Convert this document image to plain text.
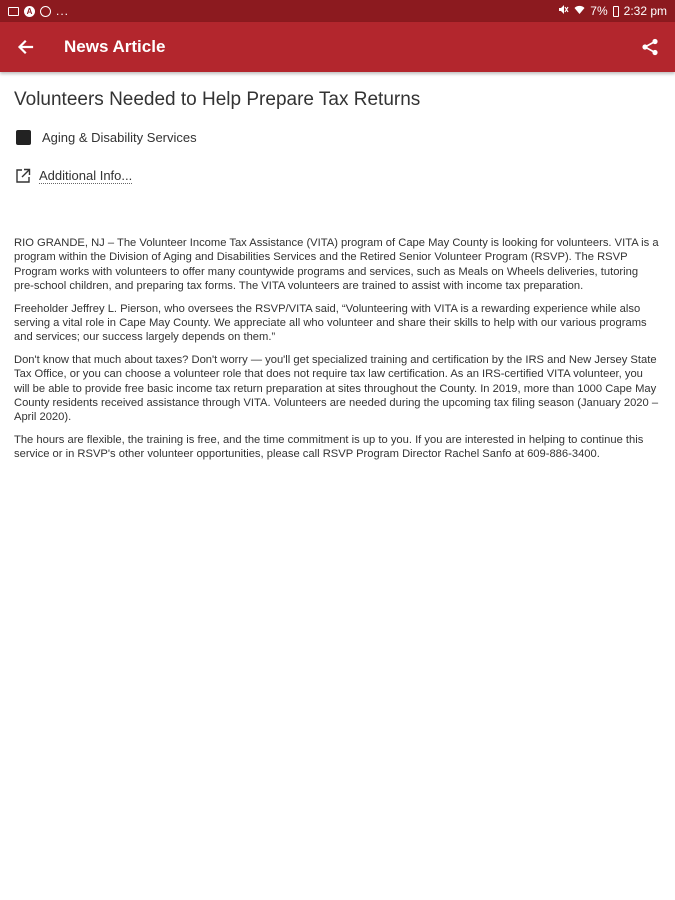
A ...	7% 2:32 pm
News Article
Volunteers Needed to Help Prepare Tax Returns
Aging & Disability Services
Additional Info...

RIO GRANDE, NJ – The Volunteer Income Tax Assistance (VITA) program of Cape May County is looking for volunteers. VITA is a program within the Division of Aging and Disabilities Services and the Retired Senior Volunteer Program (RSVP). The RSVP Program works with volunteers to offer many countywide programs and services, such as Meals on Wheels deliveries, tutoring pre-school children, and preparing tax forms. The VITA volunteers are trained to assist with income tax preparation.

Freeholder Jeffrey L. Pierson, who oversees the RSVP/VITA said, “Volunteering with VITA is a rewarding experience while also serving a vital role in Cape May County. We appreciate all who volunteer and share their skills to help with our various programs and services; our success largely depends on them.”

Don't know that much about taxes? Don't worry — you'll get specialized training and certification by the IRS and New Jersey State Tax Office, or you can choose a volunteer role that does not require tax law certification. As an IRS-certified VITA volunteer, you will be able to provide free basic income tax return preparation at sites throughout the County. In 2019, more than 1000 Cape May County residents received assistance through VITA. Volunteers are needed during the upcoming tax filing season (January 2020 – April 2020).

The hours are flexible, the training is free, and the time commitment is up to you. If you are interested in helping to continue this service or in RSVP's other volunteer opportunities, please call RSVP Program Director Rachel Sanfo at 609-886-3400.
